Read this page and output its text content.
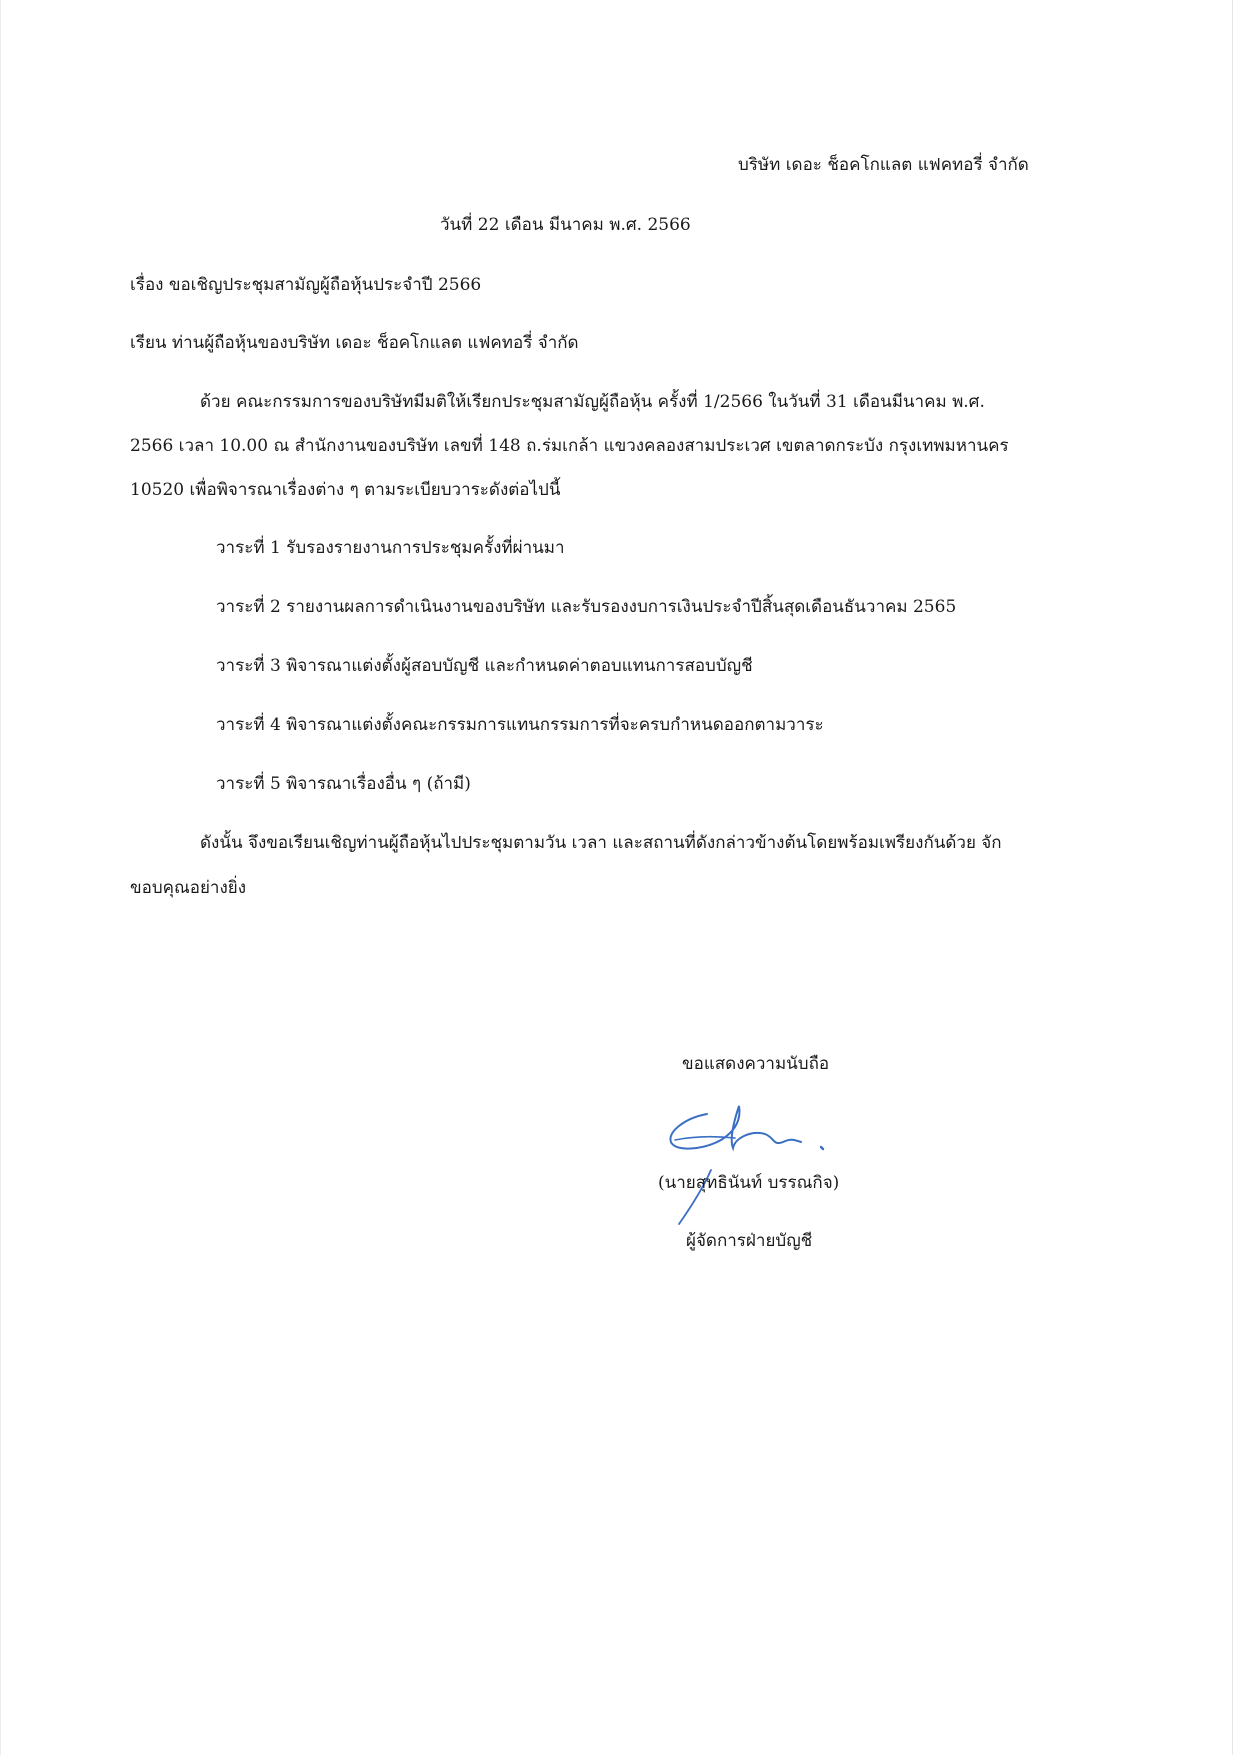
บริษัท เดอะ ช็อคโกแลต แฟคทอรี่ จำกัด
วันที่ 22 เดือน มีนาคม พ.ศ. 2566
เรื่อง ขอเชิญประชุมสามัญผู้ถือหุ้นประจำปี 2566
เรียน ท่านผู้ถือหุ้นของบริษัท เดอะ ช็อคโกแลต แฟคทอรี่ จำกัด
ด้วย คณะกรรมการของบริษัทมีมติให้เรียกประชุมสามัญผู้ถือหุ้น ครั้งที่ 1/2566 ในวันที่ 31 เดือนมีนาคม พ.ศ.
2566 เวลา 10.00 ณ สำนักงานของบริษัท เลขที่ 148 ถ.ร่มเกล้า แขวงคลองสามประเวศ เขตลาดกระบัง กรุงเทพมหานคร
10520 เพื่อพิจารณาเรื่องต่าง ๆ ตามระเบียบวาระดังต่อไปนี้
วาระที่ 1 รับรองรายงานการประชุมครั้งที่ผ่านมา
วาระที่ 2 รายงานผลการดำเนินงานของบริษัท และรับรองงบการเงินประจำปีสิ้นสุดเดือนธันวาคม 2565
วาระที่ 3 พิจารณาแต่งตั้งผู้สอบบัญชี และกำหนดค่าตอบแทนการสอบบัญชี
วาระที่ 4 พิจารณาแต่งตั้งคณะกรรมการแทนกรรมการที่จะครบกำหนดออกตามวาระ
วาระที่ 5 พิจารณาเรื่องอื่น ๆ (ถ้ามี)
ดังนั้น จึงขอเรียนเชิญท่านผู้ถือหุ้นไปประชุมตามวัน เวลา และสถานที่ดังกล่าวข้างต้นโดยพร้อมเพรียงกันด้วย จัก
ขอบคุณอย่างยิ่ง
ขอแสดงความนับถือ
(นายสุทธินันท์ บรรณกิจ)
ผู้จัดการฝ่ายบัญชี
